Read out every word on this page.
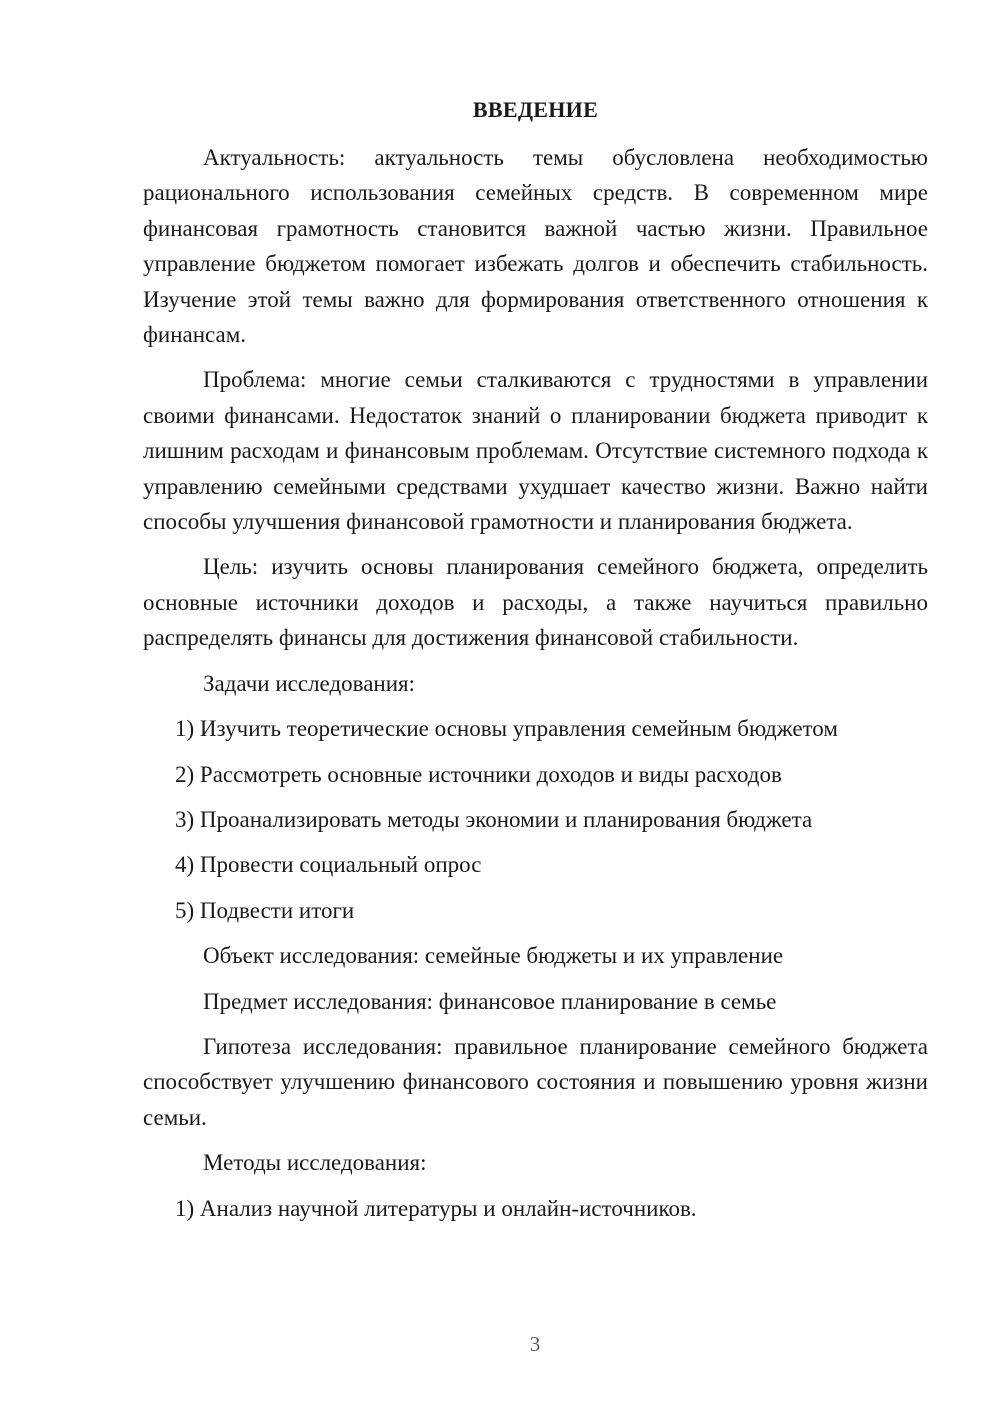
ВВЕДЕНИЕ

Актуальность: актуальность темы обусловлена необходимостью рационального использования семейных средств. В современном мире финансовая грамотность становится важной частью жизни. Правильное управление бюджетом помогает избежать долгов и обеспечить стабильность. Изучение этой темы важно для формирования ответственного отношения к финансам.

Проблема: многие семьи сталкиваются с трудностями в управлении своими финансами. Недостаток знаний о планировании бюджета приводит к лишним расходам и финансовым проблемам. Отсутствие системного подхода к управлению семейными средствами ухудшает качество жизни. Важно найти способы улучшения финансовой грамотности и планирования бюджета.

Цель: изучить основы планирования семейного бюджета, определить основные источники доходов и расходы, а также научиться правильно распределять финансы для достижения финансовой стабильности.

Задачи исследования:

1) Изучить теоретические основы управления семейным бюджетом

2) Рассмотреть основные источники доходов и виды расходов

3) Проанализировать методы экономии и планирования бюджета

4) Провести социальный опрос

5) Подвести итоги

Объект исследования: семейные бюджеты и их управление

Предмет исследования: финансовое планирование в семье

Гипотеза исследования: правильное планирование семейного бюджета способствует улучшению финансового состояния и повышению уровня жизни семьи.

Методы исследования:

1) Анализ научной литературы и онлайн-источников.

3
